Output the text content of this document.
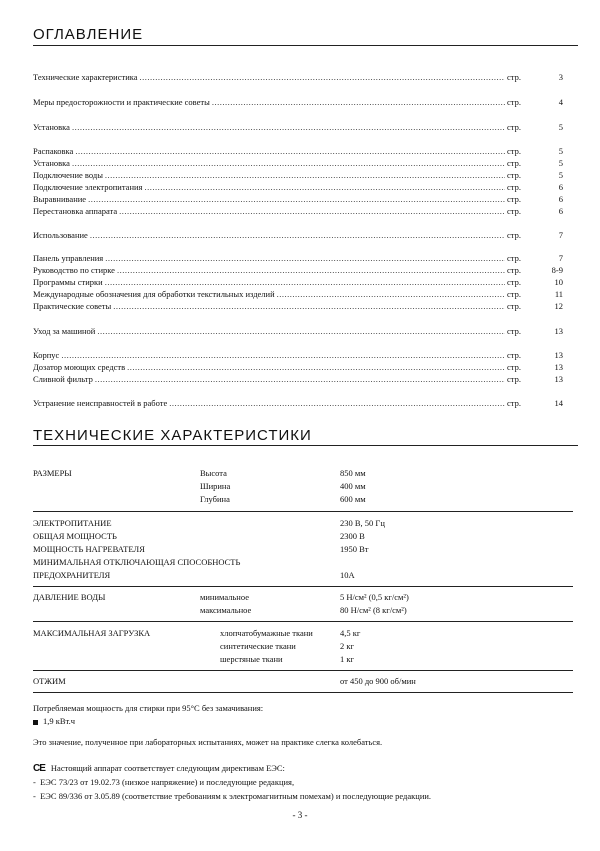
ОГЛАВЛЕНИЕ
Технические характеристика .....	стр.	3
Меры предосторожности и практические советы .....	стр.	4
Установка .....	стр.	5
Распаковка .....	стр.	5
Установка .....	стр.	5
Подключение воды .....	стр.	5
Подключение электропитания .....	стр.	6
Выравнивание .....	стр.	6
Перестановка аппарата .....	стр.	6
Использование .....	стр.	7
Панель управления .....	стр.	7
Руководство по стирке .....	стр.	8-9
Программы стирки .....	стр.	10
Международные обозначения для обработки текстильных изделий .....	стр.	11
Практические советы .....	стр.	12
Уход за машиной .....	стр.	13
Корпус .....	стр.	13
Дозатор моющих средств .....	стр.	13
Сливной фильтр .....	стр.	13
Устранение неисправностей в работе .....	стр.	14
ТЕХНИЧЕСКИЕ ХАРАКТЕРИСТИКИ
РАЗМЕРЫ	Высота	850 мм
Ширина	400 мм
Глубина	600 мм
ЭЛЕКТРОПИТАНИЕ	230 В, 50 Гц
ОБЩАЯ МОЩНОСТЬ	2300 В
МОЩНОСТЬ НАГРЕВАТЕЛЯ	1950 Вт
МИНИМАЛЬНАЯ ОТКЛЮЧАЮЩАЯ СПОСОБНОСТЬ
ПРЕДОХРАНИТЕЛЯ	10А
ДАВЛЕНИЕ ВОДЫ	минимальное	5 Н/см² (0,5 кг/см²)
максимальное	80 Н/см² (8 кг/см²)
МАКСИМАЛЬНАЯ ЗАГРУЗКА	хлопчатобумажные ткани	4,5 кг
синтетические ткани	2 кг
шерстяные ткани	1 кг
ОТЖИМ	от 450 до 900 об/мин
Потребляемая мощность для стирки при 95°С без замачивания:
1,9 кВт.ч
Это значение, полученное при лабораторных испытаниях, может на практике слегка колебаться.
CE Настоящий аппарат соответствует следующим директивам ЕЭС:
-  ЕЭС 73/23 от 19.02.73 (низкое напряжение) и последующие редакция,
-  ЕЭС 89/336 от 3.05.89 (соответствие требованиям к электромагнитным помехам) и последующие редакции.
- 3 -
